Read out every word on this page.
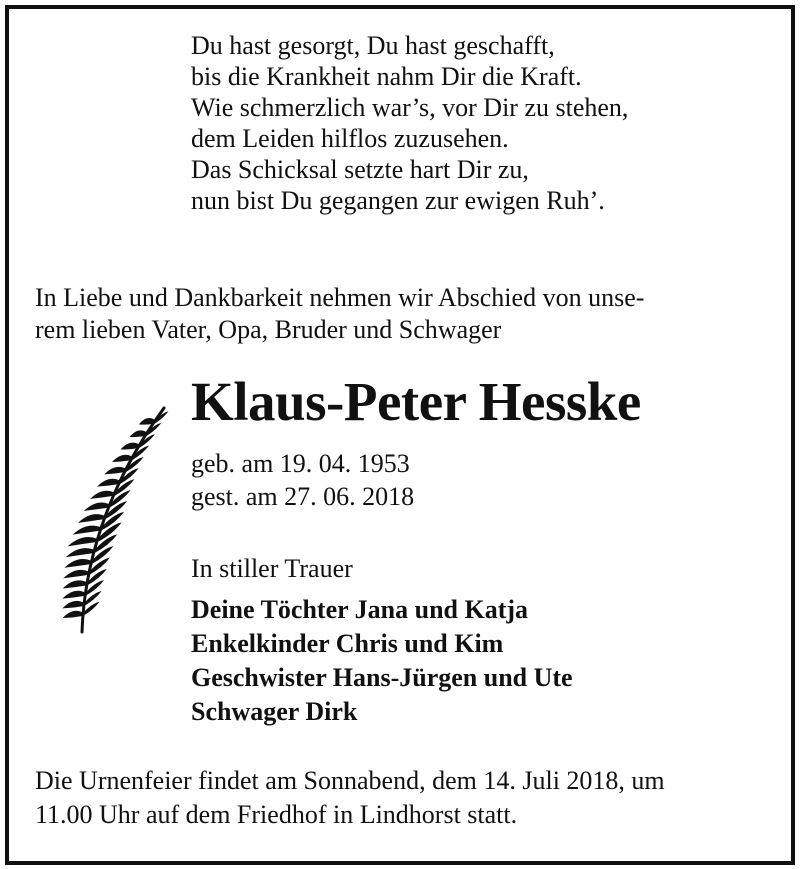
Du hast gesorgt, Du hast geschafft,
bis die Krankheit nahm Dir die Kraft.
Wie schmerzlich war’s, vor Dir zu stehen,
dem Leiden hilflos zuzusehen.
Das Schicksal setzte hart Dir zu,
nun bist Du gegangen zur ewigen Ruh’.
In Liebe und Dankbarkeit nehmen wir Abschied von unse-
rem lieben Vater, Opa, Bruder und Schwager
Klaus-Peter Hesske
geb. am 19. 04. 1953
gest. am 27. 06. 2018
In stiller Trauer
Deine Töchter Jana und Katja
Enkelkinder Chris und Kim
Geschwister Hans-Jürgen und Ute
Schwager Dirk
Die Urnenfeier findet am Sonnabend, dem 14. Juli 2018, um
11.00 Uhr auf dem Friedhof in Lindhorst statt.
